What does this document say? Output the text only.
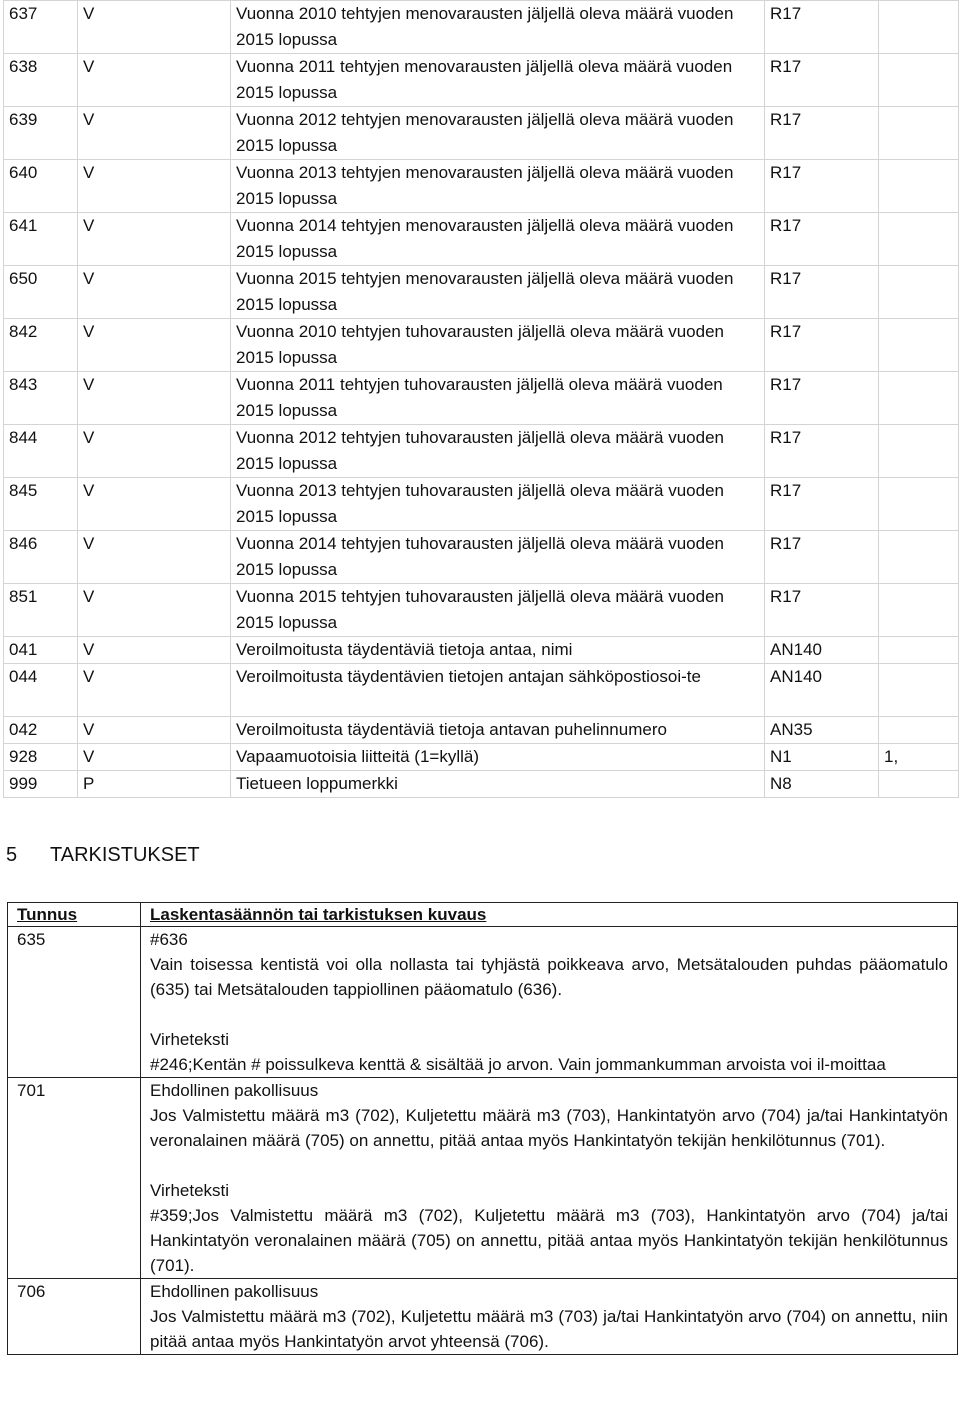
637	V	Vuonna 2010 tehtyjen menovarausten jäljellä oleva määrä vuoden 2015 lopussa	R17	
638	V	Vuonna 2011 tehtyjen menovarausten jäljellä oleva määrä vuoden 2015 lopussa	R17	
639	V	Vuonna 2012 tehtyjen menovarausten jäljellä oleva määrä vuoden 2015 lopussa	R17	
640	V	Vuonna 2013 tehtyjen menovarausten jäljellä oleva määrä vuoden 2015 lopussa	R17	
641	V	Vuonna 2014 tehtyjen menovarausten jäljellä oleva määrä vuoden 2015 lopussa	R17	
650	V	Vuonna 2015 tehtyjen menovarausten jäljellä oleva määrä vuoden 2015 lopussa	R17	
842	V	Vuonna 2010 tehtyjen tuhovarausten jäljellä oleva määrä vuoden 2015 lopussa	R17	
843	V	Vuonna 2011 tehtyjen tuhovarausten jäljellä oleva määrä vuoden 2015 lopussa	R17	
844	V	Vuonna 2012 tehtyjen tuhovarausten jäljellä oleva määrä vuoden 2015 lopussa	R17	
845	V	Vuonna 2013 tehtyjen tuhovarausten jäljellä oleva määrä vuoden 2015 lopussa	R17	
846	V	Vuonna 2014 tehtyjen tuhovarausten jäljellä oleva määrä vuoden 2015 lopussa	R17	
851	V	Vuonna 2015 tehtyjen tuhovarausten jäljellä oleva määrä vuoden 2015 lopussa	R17	
041	V	Veroilmoitusta täydentäviä tietoja antaa, nimi	AN140	
044	V	Veroilmoitusta täydentävien tietojen antajan sähköpostiosoi-te	AN140	
042	V	Veroilmoitusta täydentäviä tietoja antavan puhelinnumero	AN35	
928	V	Vapaamuotoisia liitteitä (1=kyllä)	N1	1,
999	P	Tietueen loppumerkki	N8	
5 TARKISTUKSET
Tunnus	Laskentasäännön tai tarkistuksen kuvaus
635	#636
Vain toisessa kentistä voi olla nollasta tai tyhjästä poikkeava arvo, Metsätalouden puhdas pääomatulo (635) tai Metsätalouden tappiollinen pääomatulo (636).
Virheteksti
#246;Kentän # poissulkeva kenttä & sisältää jo arvon. Vain jommankumman arvoista voi il-moittaa

701	Ehdollinen pakollisuus
Jos Valmistettu määrä m3 (702), Kuljetettu määrä m3 (703), Hankintatyön arvo (704) ja/tai Hankintatyön veronalainen määrä (705) on annettu, pitää antaa myös Hankintatyön tekijän henkilötunnus (701).
Virheteksti
#359;Jos Valmistettu määrä m3 (702), Kuljetettu määrä m3 (703), Hankintatyön arvo (704) ja/tai Hankintatyön veronalainen määrä (705) on annettu, pitää antaa myös Hankintatyön tekijän henkilötunnus (701).

706	Ehdollinen pakollisuus
Jos Valmistettu määrä m3 (702), Kuljetettu määrä m3 (703) ja/tai Hankintatyön arvo (704) on annettu, niin pitää antaa myös Hankintatyön arvot yhteensä (706).
